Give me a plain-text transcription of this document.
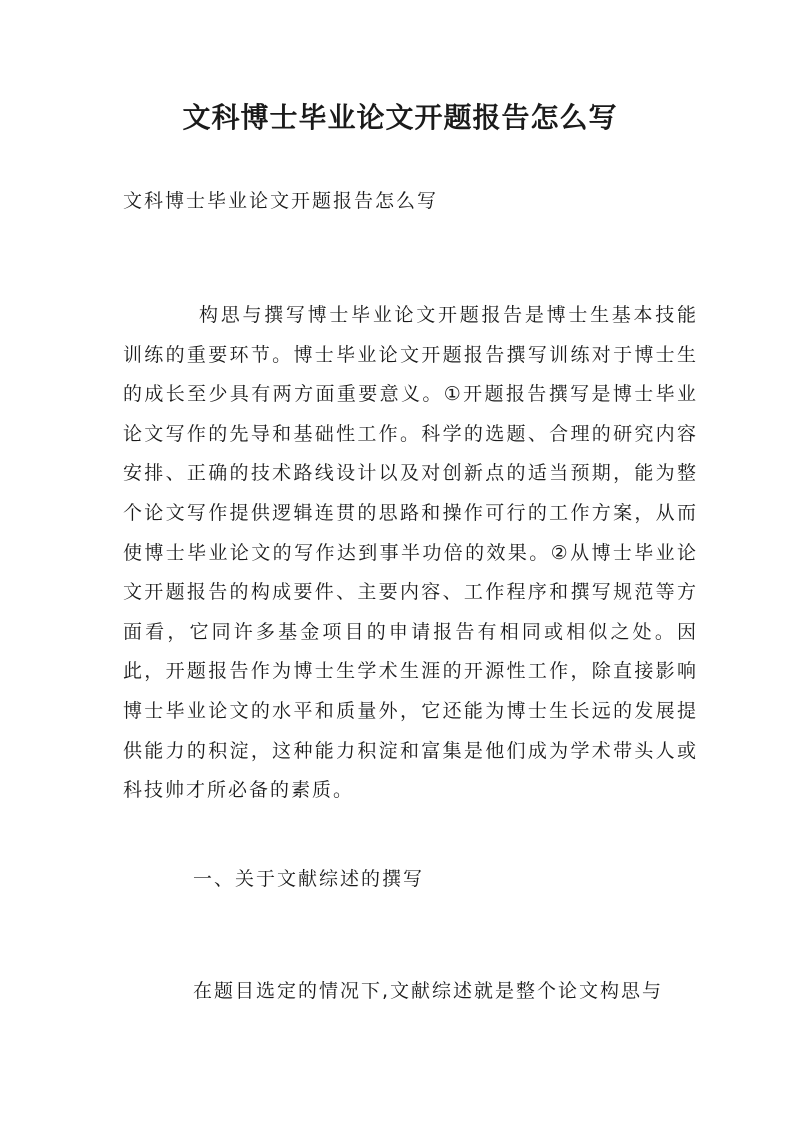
文科博士毕业论文开题报告怎么写

文科博士毕业论文开题报告怎么写

构思与撰写博士毕业论文开题报告是博士生基本技能训练的重要环节。博士毕业论文开题报告撰写训练对于博士生的成长至少具有两方面重要意义。①开题报告撰写是博士毕业论文写作的先导和基础性工作。科学的选题、合理的研究内容安排、正确的技术路线设计以及对创新点的适当预期，能为整个论文写作提供逻辑连贯的思路和操作可行的工作方案，从而使博士毕业论文的写作达到事半功倍的效果。②从博士毕业论文开题报告的构成要件、主要内容、工作程序和撰写规范等方面看，它同许多基金项目的申请报告有相同或相似之处。因此，开题报告作为博士生学术生涯的开源性工作，除直接影响博士毕业论文的水平和质量外，它还能为博士生长远的发展提供能力的积淀，这种能力积淀和富集是他们成为学术带头人或科技帅才所必备的素质。

一、关于文献综述的撰写

在题目选定的情况下,文献综述就是整个论文构思与
